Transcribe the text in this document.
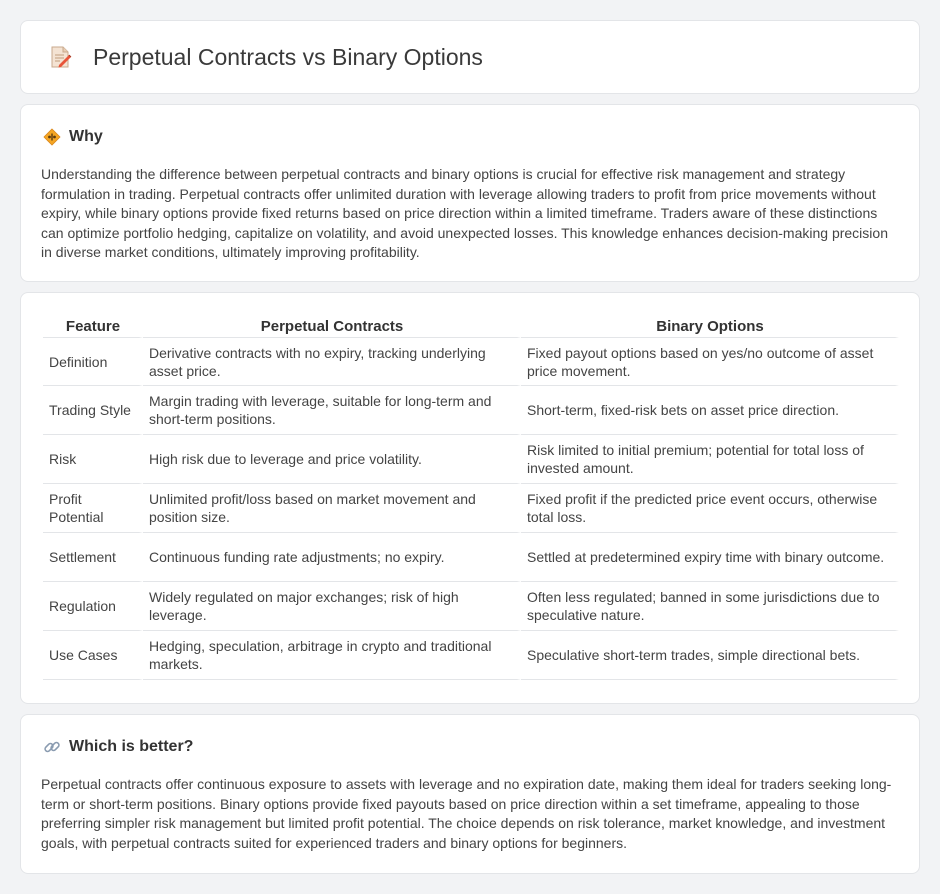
Perpetual Contracts vs Binary Options
Why

Understanding the difference between perpetual contracts and binary options is crucial for effective risk management and strategy formulation in trading. Perpetual contracts offer unlimited duration with leverage allowing traders to profit from price movements without expiry, while binary options provide fixed returns based on price direction within a limited timeframe. Traders aware of these distinctions can optimize portfolio hedging, capitalize on volatility, and avoid unexpected losses. This knowledge enhances decision-making precision in diverse market conditions, ultimately improving profitability.

Feature	Perpetual Contracts	Binary Options
Definition	Derivative contracts with no expiry, tracking underlying asset price.	Fixed payout options based on yes/no outcome of asset price movement.
Trading Style	Margin trading with leverage, suitable for long-term and short-term positions.	Short-term, fixed-risk bets on asset price direction.
Risk	High risk due to leverage and price volatility.	Risk limited to initial premium; potential for total loss of invested amount.
Profit Potential	Unlimited profit/loss based on market movement and position size.	Fixed profit if the predicted price event occurs, otherwise total loss.
Settlement	Continuous funding rate adjustments; no expiry.	Settled at predetermined expiry time with binary outcome.
Regulation	Widely regulated on major exchanges; risk of high leverage.	Often less regulated; banned in some jurisdictions due to speculative nature.
Use Cases	Hedging, speculation, arbitrage in crypto and traditional markets.	Speculative short-term trades, simple directional bets.
Which is better?

Perpetual contracts offer continuous exposure to assets with leverage and no expiration date, making them ideal for traders seeking long-term or short-term positions. Binary options provide fixed payouts based on price direction within a set timeframe, appealing to those preferring simpler risk management but limited profit potential. The choice depends on risk tolerance, market knowledge, and investment goals, with perpetual contracts suited for experienced traders and binary options for beginners.
